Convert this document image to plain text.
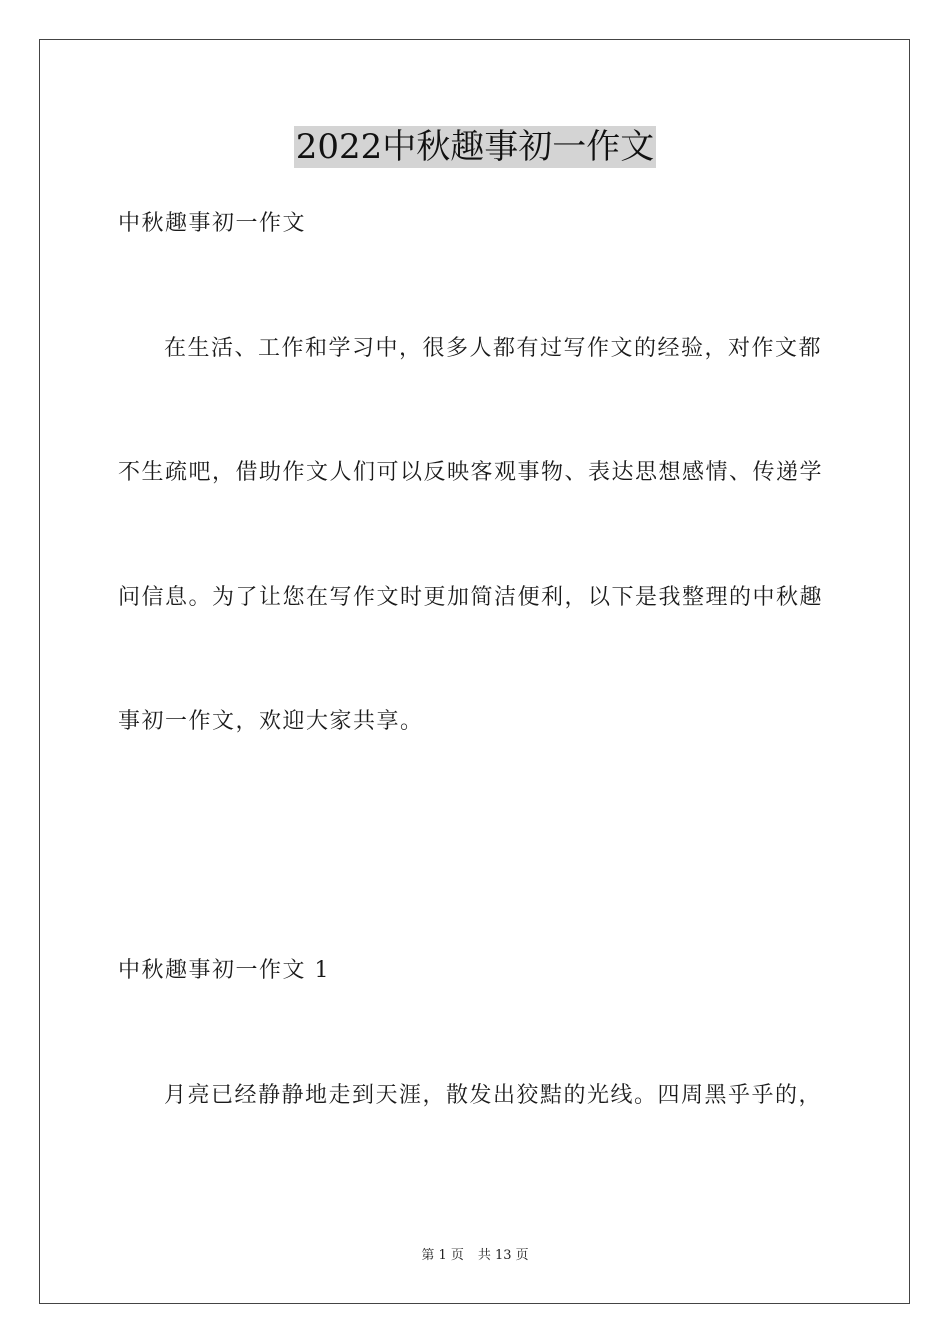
2022中秋趣事初一作文
中秋趣事初一作文
在生活、工作和学习中，很多人都有过写作文的经验，对作文都
不生疏吧，借助作文人们可以反映客观事物、表达思想感情、传递学
问信息。为了让您在写作文时更加简洁便利，以下是我整理的中秋趣
事初一作文，欢迎大家共享。
中秋趣事初一作文 1
月亮已经静静地走到天涯，散发出狡黠的光线。四周黑乎乎的，
第 1 页 共 13 页
